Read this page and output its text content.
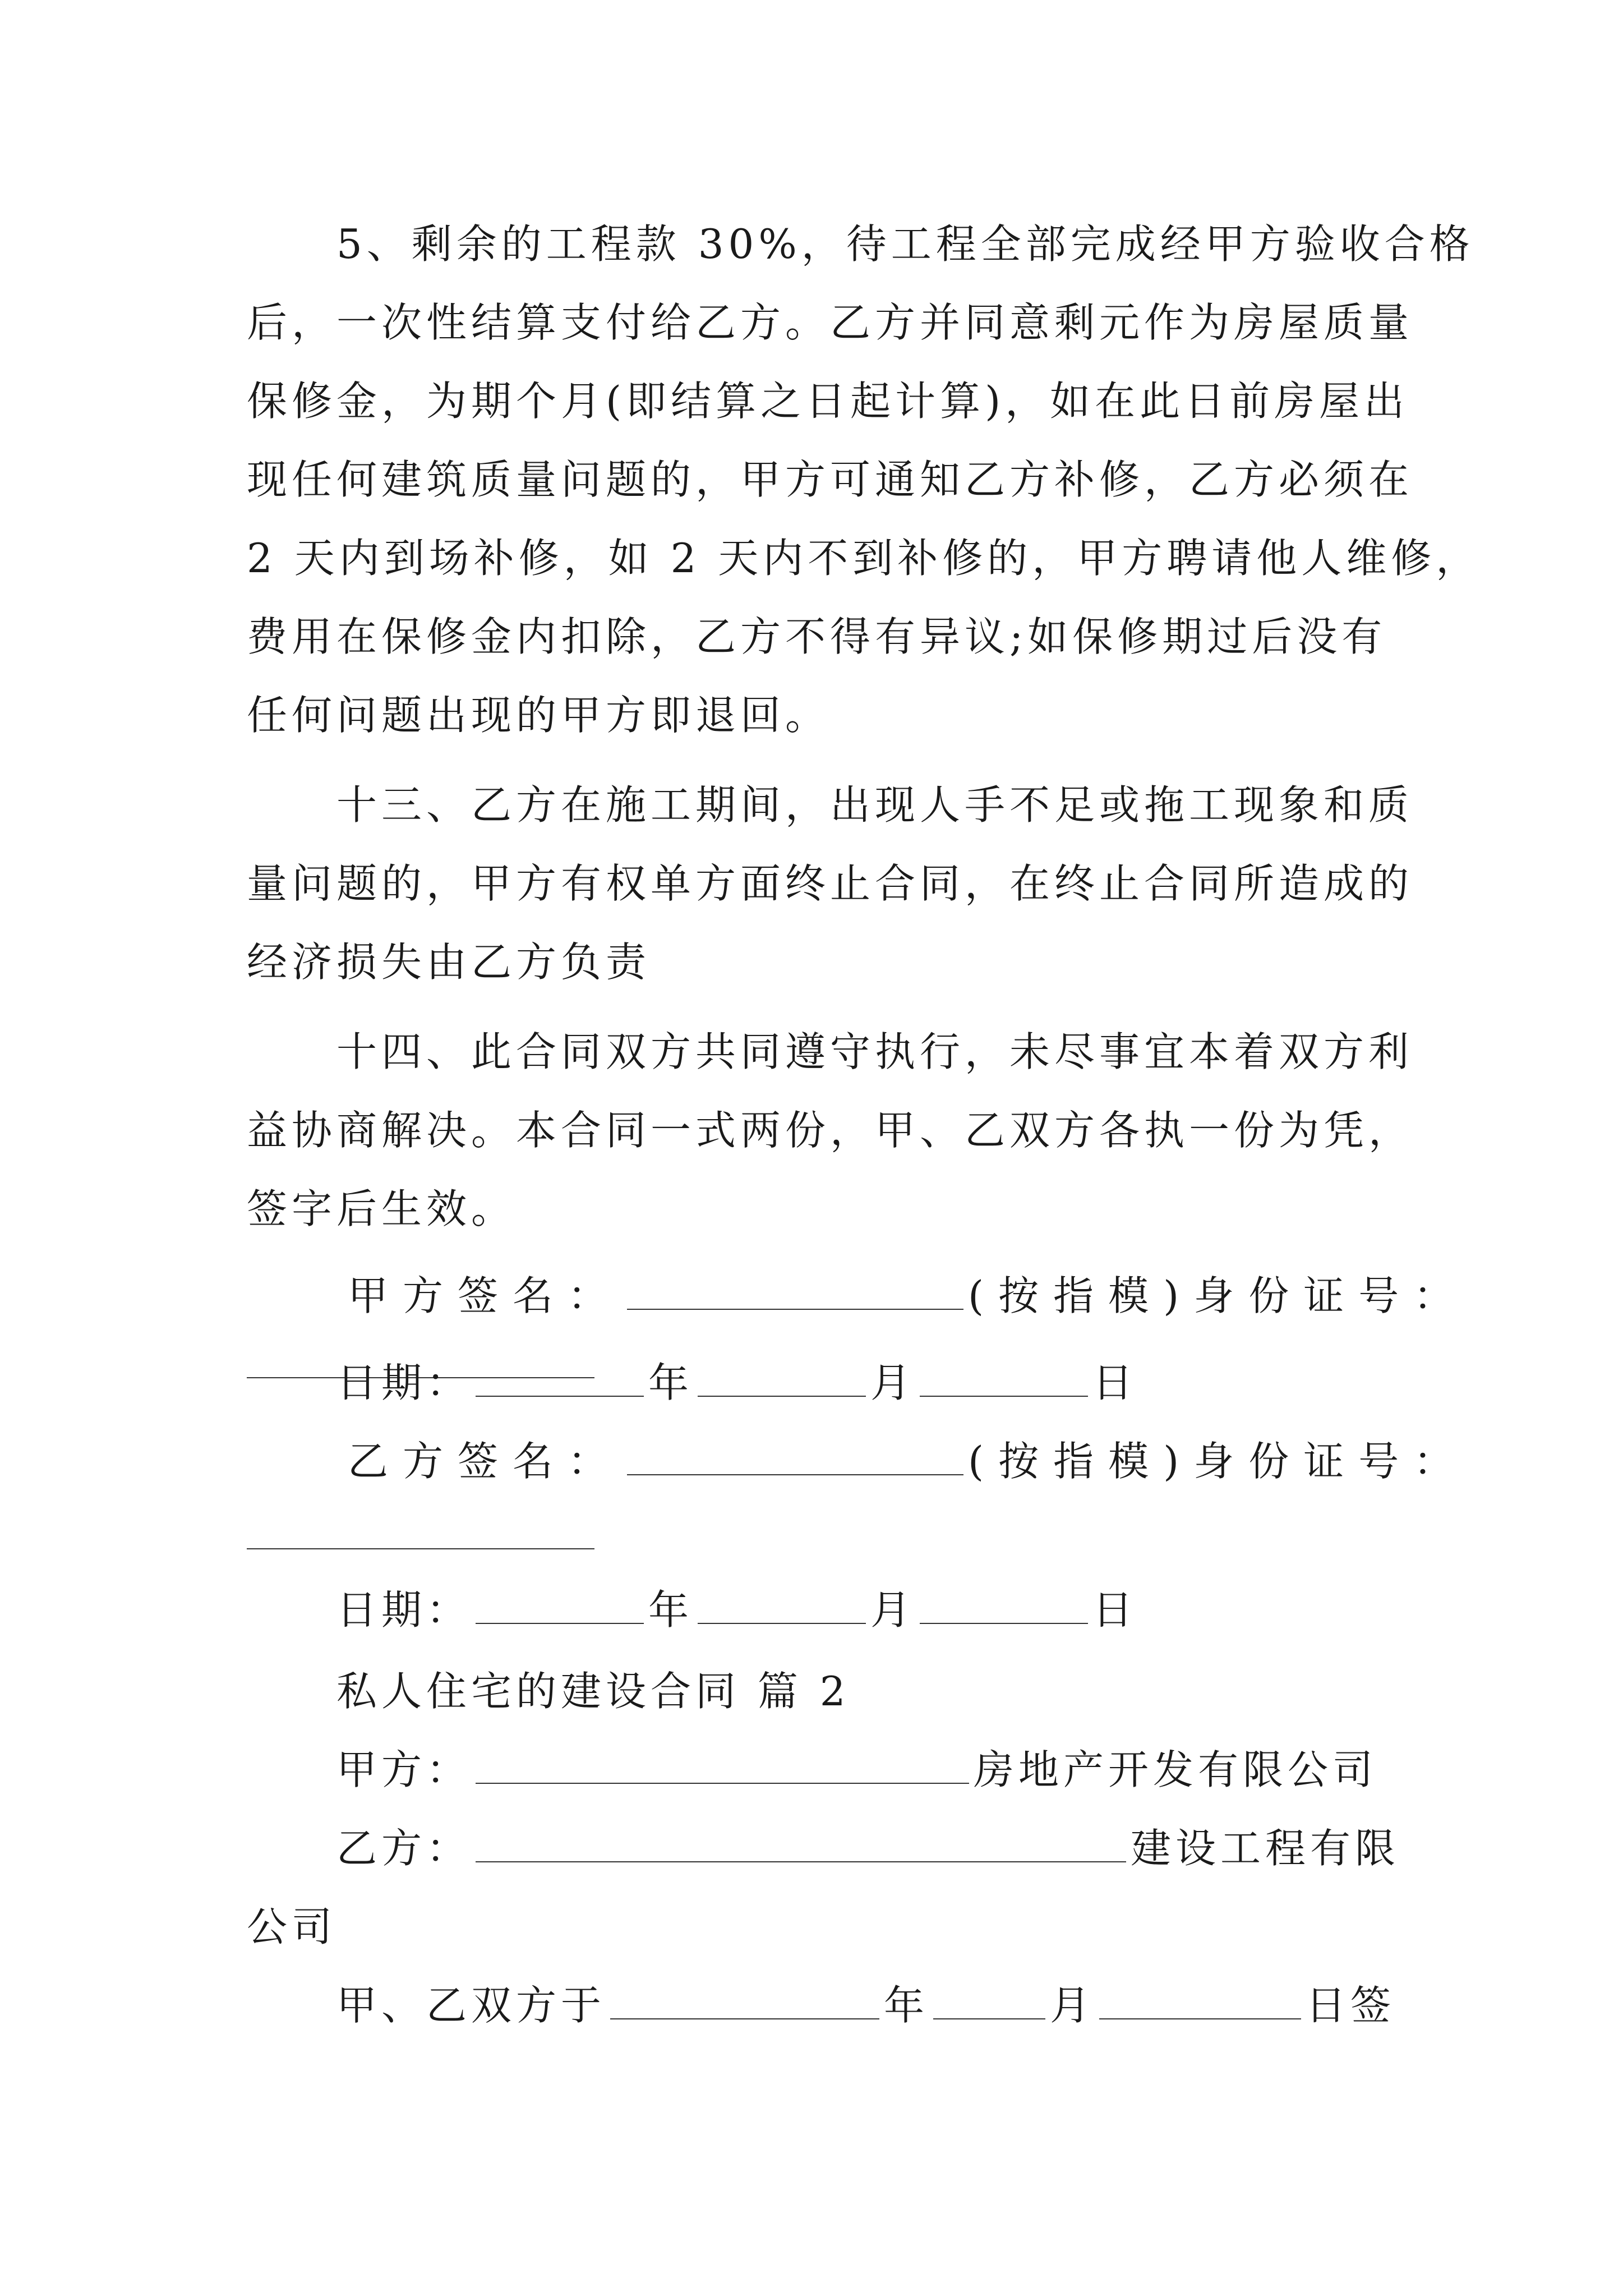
5、剩余的工程款 30%，待工程全部完成经甲方验收合格
后，一次性结算支付给乙方。乙方并同意剩元作为房屋质量
保修金，为期个月(即结算之日起计算)，如在此日前房屋出
现任何建筑质量问题的，甲方可通知乙方补修，乙方必须在
2 天内到场补修，如 2 天内不到补修的，甲方聘请他人维修，
费用在保修金内扣除，乙方不得有异议;如保修期过后没有
任何问题出现的甲方即退回。
十三、乙方在施工期间，出现人手不足或拖工现象和质
量问题的，甲方有权单方面终止合同，在终止合同所造成的
经济损失由乙方负责
十四、此合同双方共同遵守执行，未尽事宜本着双方利
益协商解决。本合同一式两份，甲、乙双方各执一份为凭，
签字后生效。
甲方签名：	(按指模)身份证号：
日期：	年	月	日
乙方签名：	(按指模)身份证号：
日期：	年	月	日
私人住宅的建设合同 篇 2
甲方：	房地产开发有限公司
乙方：	建设工程有限
公司
甲、乙双方于	年	月	日签
